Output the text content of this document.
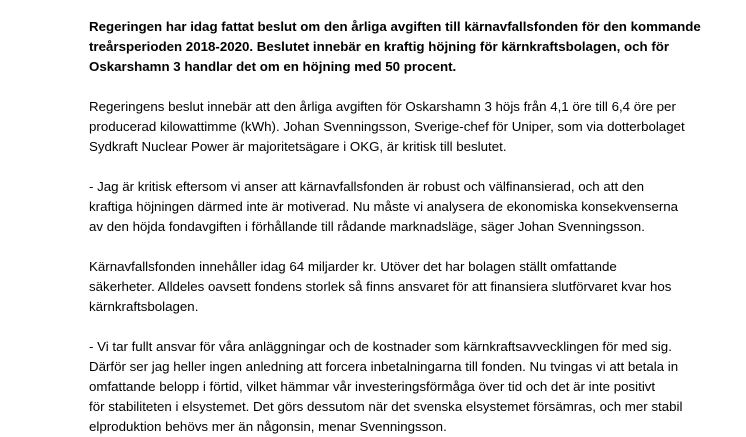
Regeringen har idag fattat beslut om den årliga avgiften till kärnavfallsfonden för den kommande
treårsperioden 2018-2020. Beslutet innebär en kraftig höjning för kärnkraftsbolagen, och för
Oskarshamn 3 handlar det om en höjning med 50 procent.

Regeringens beslut innebär att den årliga avgiften för Oskarshamn 3 höjs från 4,1 öre till 6,4 öre per
producerad kilowattimme (kWh). Johan Svenningsson, Sverige-chef för Uniper, som via dotterbolaget
Sydkraft Nuclear Power är majoritetsägare i OKG, är kritisk till beslutet.

- Jag är kritisk eftersom vi anser att kärnavfallsfonden är robust och välfinansierad, och att den
kraftiga höjningen därmed inte är motiverad. Nu måste vi analysera de ekonomiska konsekvenserna
av den höjda fondavgiften i förhållande till rådande marknadsläge, säger Johan Svenningsson.

Kärnavfallsfonden innehåller idag 64 miljarder kr. Utöver det har bolagen ställt omfattande
säkerheter. Alldeles oavsett fondens storlek så finns ansvaret för att finansiera slutförvaret kvar hos
kärnkraftsbolagen.

- Vi tar fullt ansvar för våra anläggningar och de kostnader som kärnkraftsavvecklingen för med sig.
Därför ser jag heller ingen anledning att forcera inbetalningarna till fonden. Nu tvingas vi att betala in
omfattande belopp i förtid, vilket hämmar vår investeringsförmåga över tid och det är inte positivt
för stabiliteten i elsystemet. Det görs dessutom när det svenska elsystemet försämras, och mer stabil
elproduktion behövs mer än någonsin, menar Svenningsson.
